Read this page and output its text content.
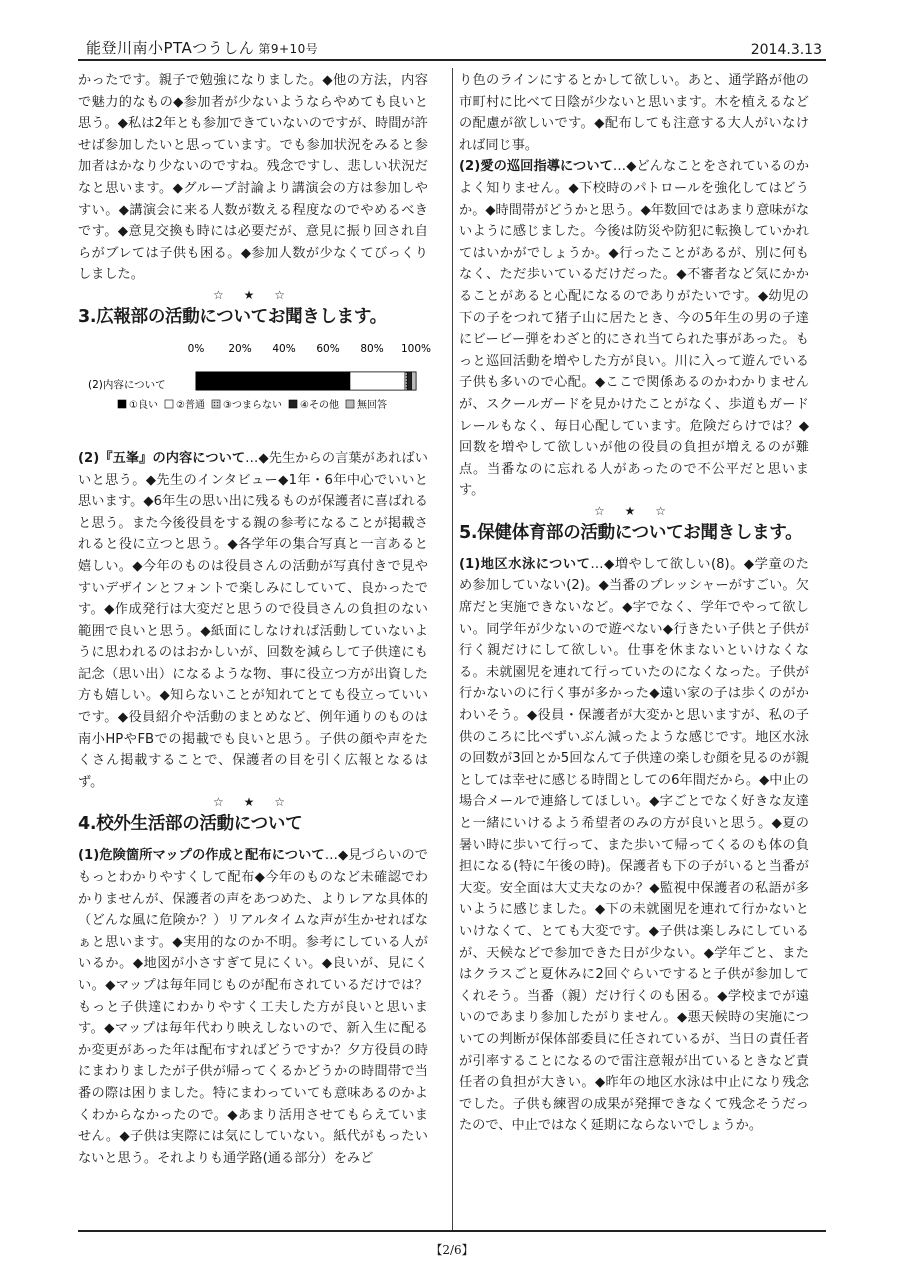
能登川南小PTAつうしん 第9+10号	2014.3.13

かったです。親子で勉強になりました。◆他の方法，内容で魅力的なもの◆参加者が少ないようならやめても良いと思う。◆私は2年とも参加できていないのですが、時間が許せば参加したいと思っています。でも参加状況をみると参加者はかなり少ないのですね。残念ですし、悲しい状況だなと思います。◆グループ討論より講演会の方は参加しやすい。◆講演会に来る人数が数える程度なのでやめるべきです。◆意見交換も時には必要だが、意見に振り回され自らがブレては子供も困る。◆参加人数が少なくてびっくりしました。

☆ ★ ☆
3.広報部の活動についてお聞きします。
0% 20% 40% 60% 80% 100%
(2)内容について
①良い ②普通 ③つまらない ④その他 無回答

(2)『五峯』の内容について…◆先生からの言葉があればいいと思う。◆先生のインタビュー◆1年・6年中心でいいと思います。◆6年生の思い出に残るものが保護者に喜ばれると思う。また今後役員をする親の参考になることが掲載されると役に立つと思う。◆各学年の集合写真と一言あると嬉しい。◆今年のものは役員さんの活動が写真付きで見やすいデザインとフォントで楽しみにしていて、良かったです。◆作成発行は大変だと思うので役員さんの負担のない範囲で良いと思う。◆紙面にしなければ活動していないように思われるのはおかしいが、回数を減らして子供達にも記念（思い出）になるような物、事に役立つ方が出資した方も嬉しい。◆知らないことが知れてとても役立っていいです。◆役員紹介や活動のまとめなど、例年通りのものは南小HPやFBでの掲載でも良いと思う。子供の顔や声をたくさん掲載することで、保護者の目を引く広報となるはず。

☆ ★ ☆
4.校外生活部の活動について

(1)危険箇所マップの作成と配布について…◆見づらいのでもっとわかりやすくして配布◆今年のものなど未確認でわかりませんが、保護者の声をあつめた、よりレアな具体的（どんな風に危険か？）リアルタイムな声が生かせればなぁと思います。◆実用的なのか不明。参考にしている人がいるか。◆地図が小さすぎて見にくい。◆良いが、見にくい。◆マップは毎年同じものが配布されているだけでは？もっと子供達にわかりやすく工夫した方が良いと思います。◆マップは毎年代わり映えしないので、新入生に配るか変更があった年は配布すればどうですか？夕方役員の時にまわりましたが子供が帰ってくるかどうかの時間帯で当番の際は困りました。特にまわっていても意味あるのかよくわからなかったので。◆あまり活用させてもらえていません。◆子供は実際には気にしていない。紙代がもったいないと思う。それよりも通学路(通る部分）をみど

り色のラインにするとかして欲しい。あと、通学路が他の市町村に比べて日陰が少ないと思います。木を植えるなどの配慮が欲しいです。◆配布しても注意する大人がいなければ同じ事。

(2)愛の巡回指導について…◆どんなことをされているのかよく知りません。◆下校時のパトロールを強化してはどうか。◆時間帯がどうかと思う。◆年数回ではあまり意味がないように感じました。今後は防災や防犯に転換していかれてはいかがでしょうか。◆行ったことがあるが、別に何もなく、ただ歩いているだけだった。◆不審者など気にかかることがあると心配になるのでありがたいです。◆幼児の下の子をつれて猪子山に居たとき、今の5年生の男の子達にビービー弾をわざと的にされ当てられた事があった。もっと巡回活動を増やした方が良い。川に入って遊んでいる子供も多いので心配。◆ここで関係あるのかわかりませんが、スクールガードを見かけたことがなく、歩道もガードレールもなく、毎日心配しています。危険だらけでは？◆回数を増やして欲しいが他の役員の負担が増えるのが難点。当番なのに忘れる人があったので不公平だと思います。

☆ ★ ☆
5.保健体育部の活動についてお聞きします。

(1)地区水泳について…◆増やして欲しい(8)。◆学童のため参加していない(2)。◆当番のプレッシャーがすごい。欠席だと実施できないなど。◆字でなく、学年でやって欲しい。同学年が少ないので遊べない◆行きたい子供と子供が行く親だけにして欲しい。仕事を休まないといけなくなる。未就園児を連れて行っていたのになくなった。子供が行かないのに行く事が多かった◆遠い家の子は歩くのがかわいそう。◆役員・保護者が大変かと思いますが、私の子供のころに比べずいぶん減ったような感じです。地区水泳の回数が3回とか5回なんて子供達の楽しむ顔を見るのが親としては幸せに感じる時間としての6年間だから。◆中止の場合メールで連絡してほしい。◆字ごとでなく好きな友達と一緒にいけるよう希望者のみの方が良いと思う。◆夏の暑い時に歩いて行って、また歩いて帰ってくるのも体の負担になる(特に午後の時)。保護者も下の子がいると当番が大変。安全面は大丈夫なのか？◆監視中保護者の私語が多いように感じました。◆下の未就園児を連れて行かないといけなくて、とても大変です。◆子供は楽しみにしているが、天候などで参加できた日が少ない。◆学年ごと、またはクラスごと夏休みに2回ぐらいですると子供が参加してくれそう。当番（親）だけ行くのも困る。◆学校までが遠いのであまり参加したがりません。◆悪天候時の実施についての判断が保体部委員に任されているが、当日の責任者が引率することになるので雷注意報が出ているときなど責任者の負担が大きい。◆昨年の地区水泳は中止になり残念でした。子供も練習の成果が発揮できなくて残念そうだったので、中止ではなく延期にならないでしょうか。

【2/6】
